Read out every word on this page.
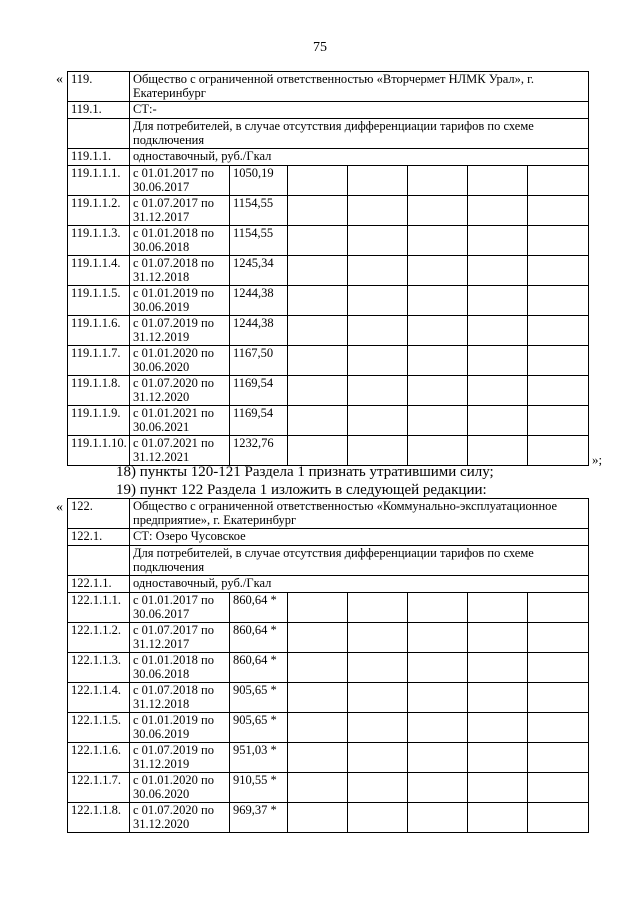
75
« 119.	Общество с ограниченной ответственностью «Вторчермет НЛМК Урал», г. Екатеринбург						
119.1.	СТ:-						
	Для потребителей, в случае отсутствия дифференциации тарифов по схеме подключения						
119.1.1.	одноставочный, руб./Гкал						
119.1.1.1.	с 01.01.2017 по 30.06.2017	1050,19					
119.1.1.2.	с 01.07.2017 по 31.12.2017	1154,55					
119.1.1.3.	с 01.01.2018 по 30.06.2018	1154,55					
119.1.1.4.	с 01.07.2018 по 31.12.2018	1245,34					
119.1.1.5.	с 01.01.2019 по 30.06.2019	1244,38					
119.1.1.6.	с 01.07.2019 по 31.12.2019	1244,38					
119.1.1.7.	с 01.01.2020 по 30.06.2020	1167,50					
119.1.1.8.	с 01.07.2020 по 31.12.2020	1169,54					
119.1.1.9.	с 01.01.2021 по 30.06.2021	1169,54					
119.1.1.10.	с 01.07.2021 по 31.12.2021	1232,76					
»;
18) пункты 120-121 Раздела 1 признать утратившими силу;
19) пункт 122 Раздела 1 изложить в следующей редакции:
« 122.	Общество с ограниченной ответственностью «Коммунально-эксплуатационное предприятие», г. Екатеринбург						
122.1.	СТ: Озеро Чусовское						
	Для потребителей, в случае отсутствия дифференциации тарифов по схеме подключения						
122.1.1.	одноставочный, руб./Гкал						
122.1.1.1.	с 01.01.2017 по 30.06.2017	860,64 *					
122.1.1.2.	с 01.07.2017 по 31.12.2017	860,64 *					
122.1.1.3.	с 01.01.2018 по 30.06.2018	860,64 *					
122.1.1.4.	с 01.07.2018 по 31.12.2018	905,65 *					
122.1.1.5.	с 01.01.2019 по 30.06.2019	905,65 *					
122.1.1.6.	с 01.07.2019 по 31.12.2019	951,03 *					
122.1.1.7.	с 01.01.2020 по 30.06.2020	910,55 *					
122.1.1.8.	с 01.07.2020 по 31.12.2020	969,37 *					
